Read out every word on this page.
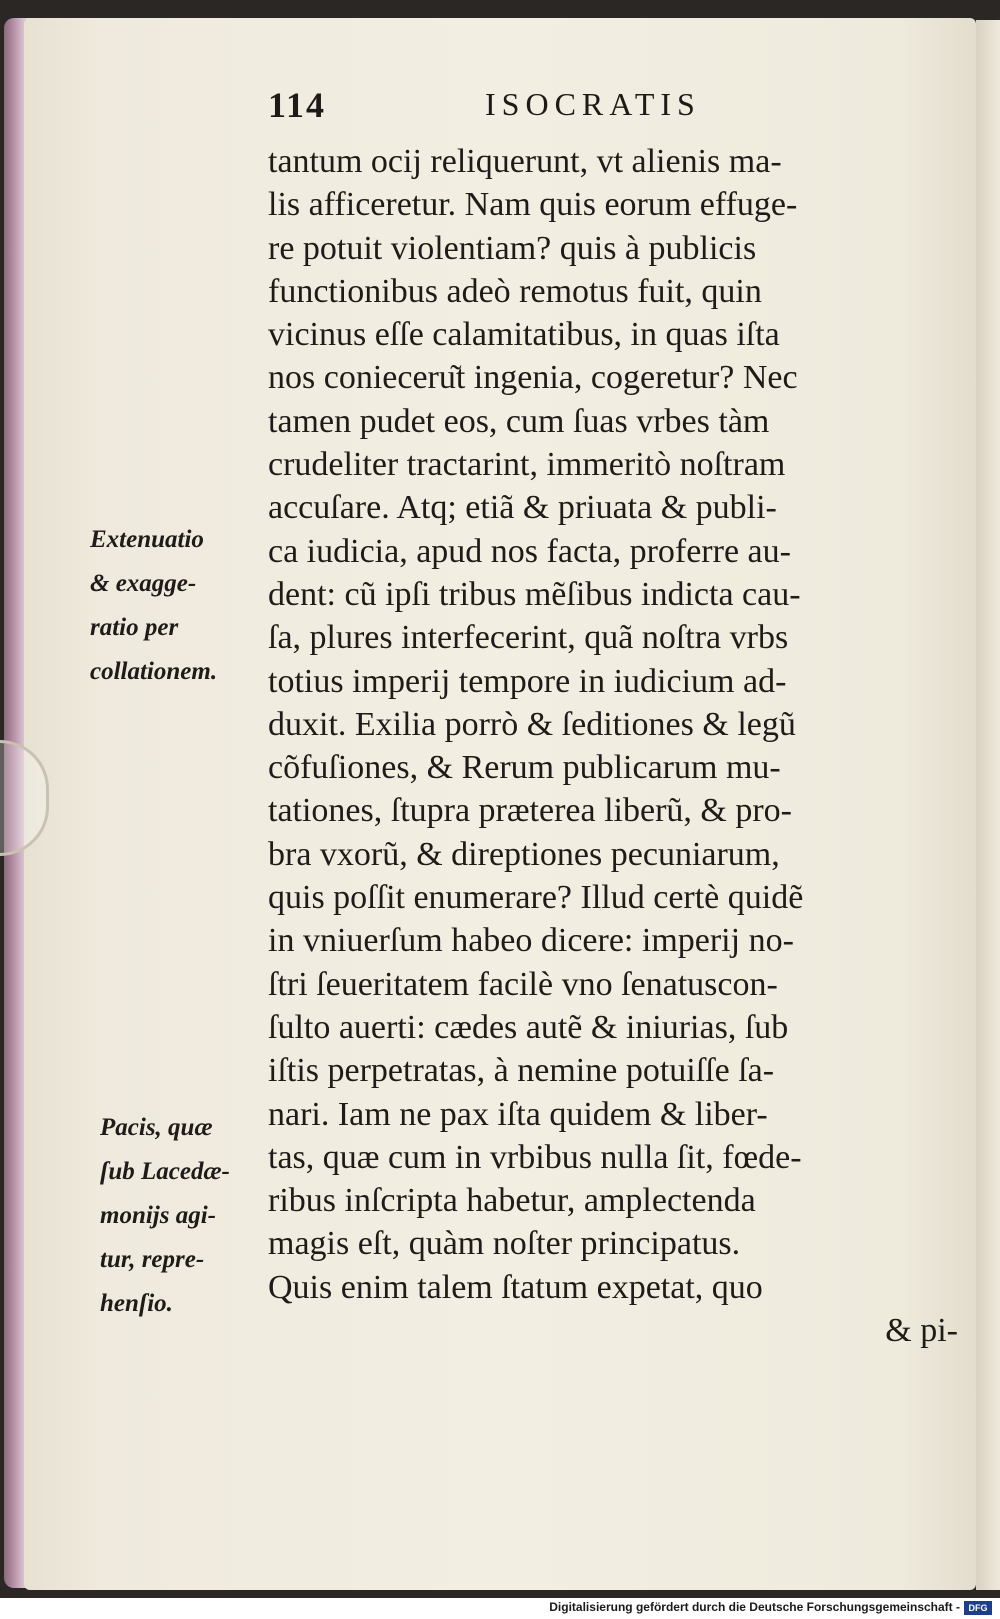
114	ISOCRATIS
tantum ocij reliquerunt, vt alienis ma-
lis afficeretur. Nam quis eorum effuge-
re potuit violentiam? quis à publicis
functionibus adeò remotus fuit, quin
vicinus eſſe calamitatibus, in quas iſta
nos conieceru͂t ingenia, cogeretur? Nec
tamen pudet eos, cum ſuas vrbes tàm
crudeliter tractarint, immeritò noſtram
accuſare. Atq; etiã & priuata & publi-
ca iudicia, apud nos facta, proferre au-
dent: cũ ipſi tribus mẽſibus indicta cau-
ſa, plures interfecerint, quã noſtra vrbs
totius imperij tempore in iudicium ad-
duxit. Exilia porrò & ſeditiones & legũ
cõfuſiones, & Rerum publicarum mu-
tationes, ſtupra præterea liberũ, & pro-
bra vxorũ, & direptiones pecuniarum,
quis poſſit enumerare? Illud certè quidẽ
in vniuerſum habeo dicere: imperij no-
ſtri ſeueritatem facilè vno ſenatuscon-
ſulto auerti: cædes autẽ & iniurias, ſub
iſtis perpetratas, à nemine potuiſſe ſa-
nari. Iam ne pax iſta quidem & liber-
tas, quæ cum in vrbibus nulla ſit, fœde-
ribus inſcripta habetur, amplectenda
magis eſt, quàm noſter principatus.
Quis enim talem ſtatum expetat, quo
& pi-
Extenuatio
& exagge-
ratio per
collationem.
Pacis, quæ
ſub Lacedæ-
monijs agi-
tur, repre-
henſio.
Digitalisierung gefördert durch die Deutsche Forschungsgemeinschaft - DFG
